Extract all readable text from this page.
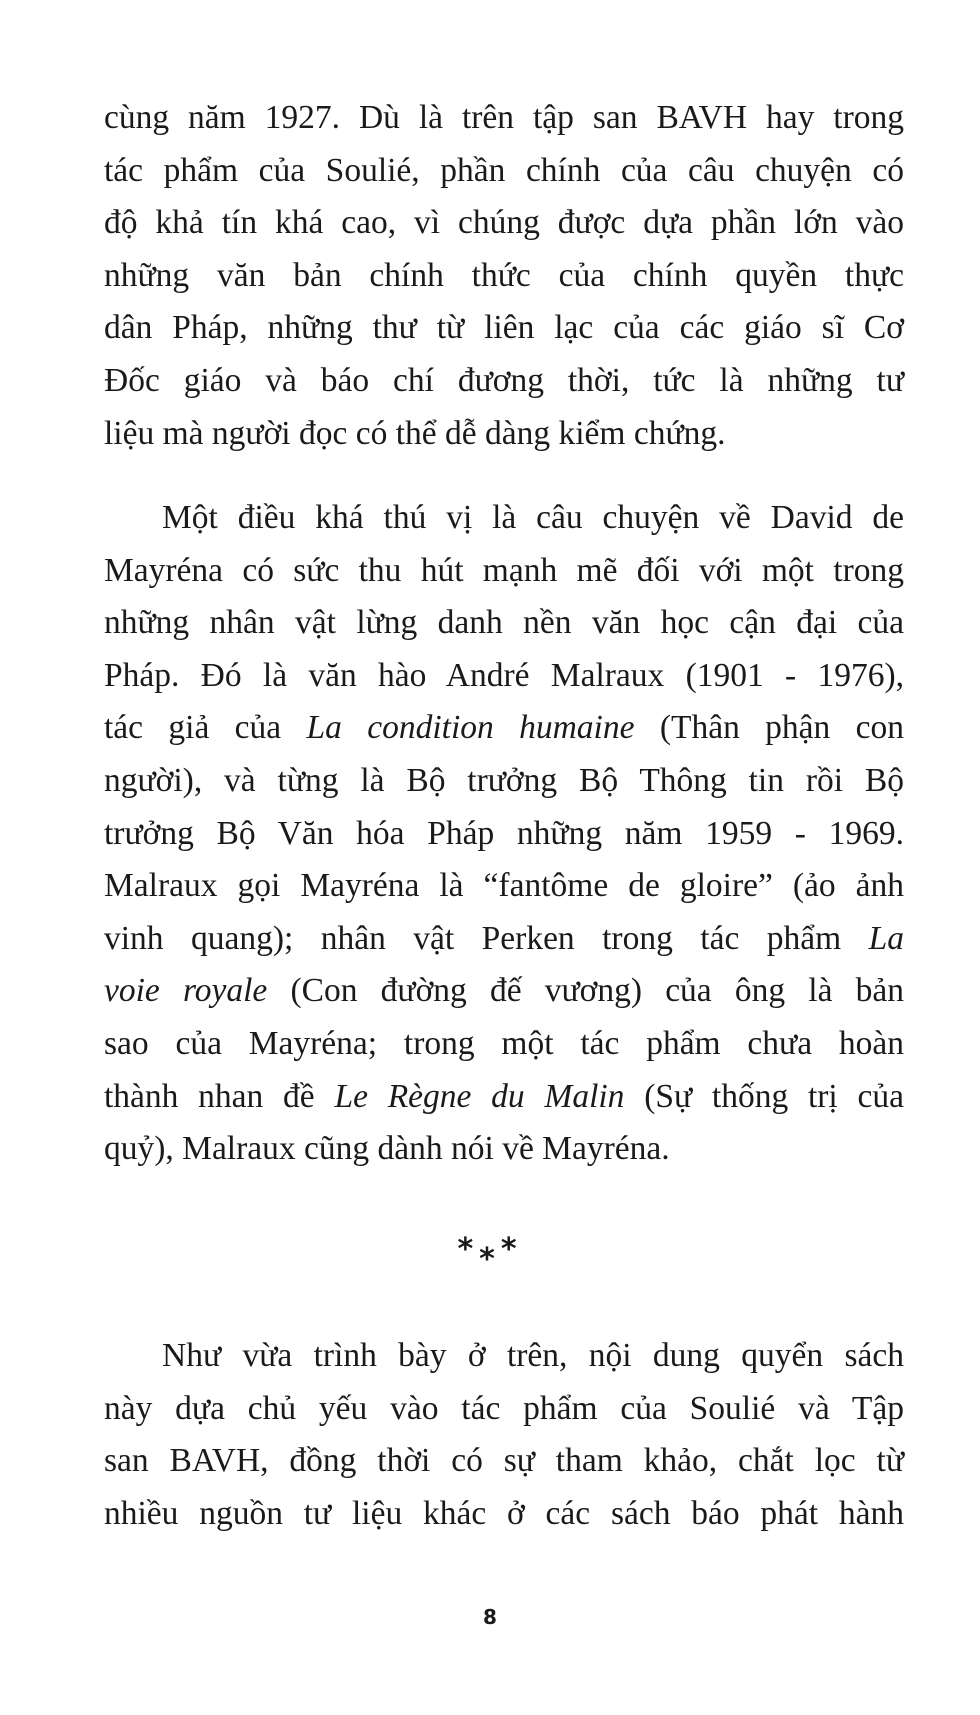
cùng năm 1927. Dù là trên tập san BAVH hay trong
tác phẩm của Soulié, phần chính của câu chuyện có
độ khả tín khá cao, vì chúng được dựa phần lớn vào
những văn bản chính thức của chính quyền thực
dân Pháp, những thư từ liên lạc của các giáo sĩ Cơ
Đốc giáo và báo chí đương thời, tức là những tư
liệu mà người đọc có thể dễ dàng kiểm chứng.
Một điều khá thú vị là câu chuyện về David de
Mayréna có sức thu hút mạnh mẽ đối với một trong
những nhân vật lừng danh nền văn học cận đại của
Pháp. Đó là văn hào André Malraux (1901 - 1976),
tác giả của La condition humaine (Thân phận con
người), và từng là Bộ trưởng Bộ Thông tin rồi Bộ
trưởng Bộ Văn hóa Pháp những năm 1959 - 1969.
Malraux gọi Mayréna là “fantôme de gloire” (ảo ảnh
vinh quang); nhân vật Perken trong tác phẩm La
voie royale (Con đường đế vương) của ông là bản
sao của Mayréna; trong một tác phẩm chưa hoàn
thành nhan đề Le Règne du Malin (Sự thống trị của
quỷ), Malraux cũng dành nói về Mayréna.
***
Như vừa trình bày ở trên, nội dung quyển sách
này dựa chủ yếu vào tác phẩm của Soulié và Tập
san BAVH, đồng thời có sự tham khảo, chắt lọc từ
nhiều nguồn tư liệu khác ở các sách báo phát hành
8
